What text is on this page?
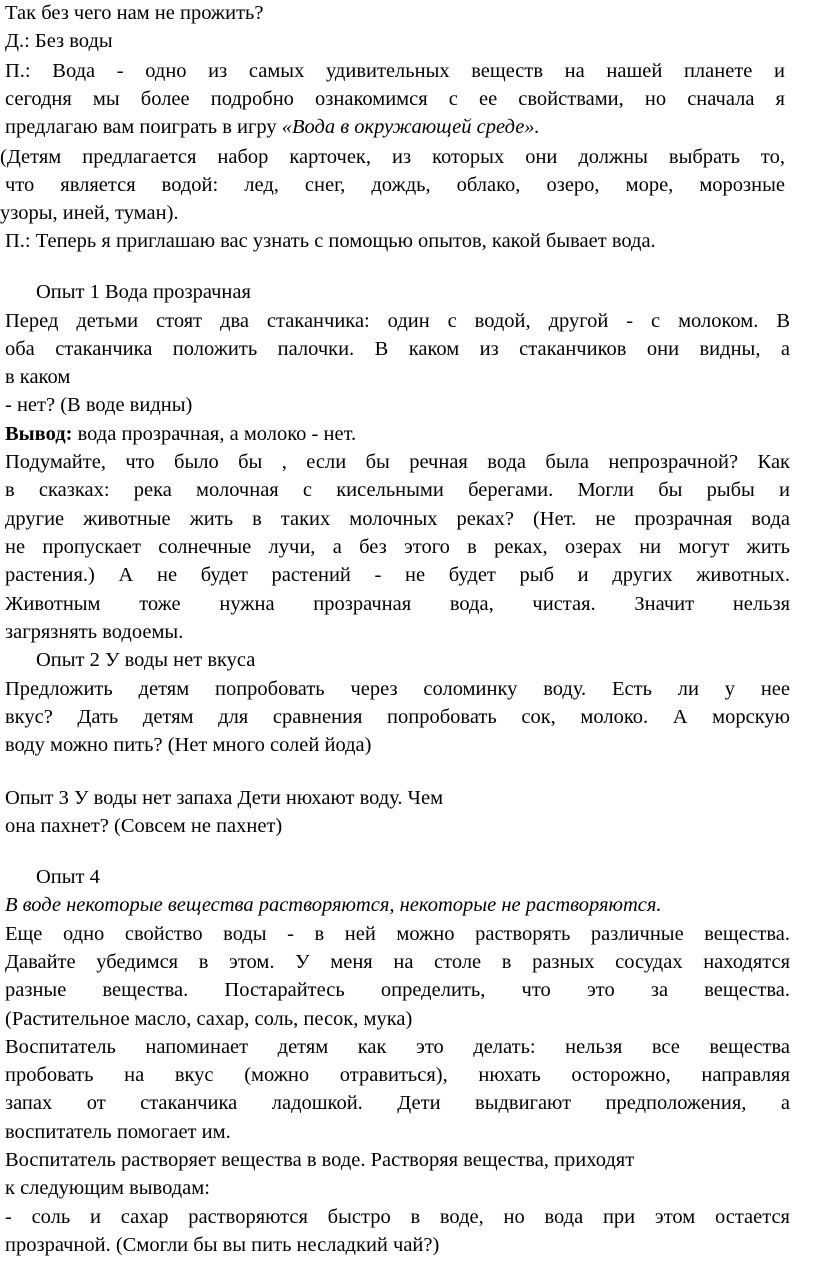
Так без чего нам не прожить?
Д.: Без воды
П.: Вода - одно из самых удивительных веществ на нашей планете и
сегодня мы более подробно ознакомимся с ее свойствами, но сначала я
предлагаю вам поиграть в игру «Вода в окружающей среде».
(Детям предлагается набор карточек, из которых они должны выбрать то,
что является водой: лед, снег, дождь, облако, озеро, море, морозные
узоры, иней, туман).
П.: Теперь я приглашаю вас узнать с помощью опытов, какой бывает вода.
Опыт 1 Вода прозрачная
Перед детьми стоят два стаканчика: один с водой, другой - с молоком. В
оба стаканчика положить палочки. В каком из стаканчиков они видны, а
в каком
- нет? (В воде видны)
Вывод: вода прозрачная, а молоко - нет.
Подумайте, что было бы , если бы речная вода была непрозрачной? Как
в сказках: река молочная с кисельными берегами. Могли бы рыбы и
другие животные жить в таких молочных реках? (Нет. не прозрачная вода
не пропускает солнечные лучи, а без этого в реках, озерах ни могут жить
растения.) А не будет растений - не будет рыб и других животных.
Животным тоже нужна прозрачная вода, чистая. Значит нельзя
загрязнять водоемы.
Опыт 2 У воды нет вкуса
Предложить детям попробовать через соломинку воду. Есть ли у нее
вкус? Дать детям для сравнения попробовать сок, молоко. А морскую
воду можно пить? (Нет много солей йода)
Опыт 3 У воды нет запаха Дети нюхают воду. Чем
она пахнет? (Совсем не пахнет)
Опыт 4
В воде некоторые вещества растворяются, некоторые не растворяются.
Еще одно свойство воды - в ней можно растворять различные вещества.
Давайте убедимся в этом. У меня на столе в разных сосудах находятся
разные вещества. Постарайтесь определить, что это за вещества.
(Растительное масло, сахар, соль, песок, мука)
Воспитатель напоминает детям как это делать: нельзя все вещества
пробовать на вкус (можно отравиться), нюхать осторожно, направляя
запах от стаканчика ладошкой. Дети выдвигают предположения, а
воспитатель помогает им.
Воспитатель растворяет вещества в воде. Растворяя вещества, приходят
к следующим выводам:
- соль и сахар растворяются быстро в воде, но вода при этом остается
прозрачной. (Смогли бы вы пить несладкий чай?)
